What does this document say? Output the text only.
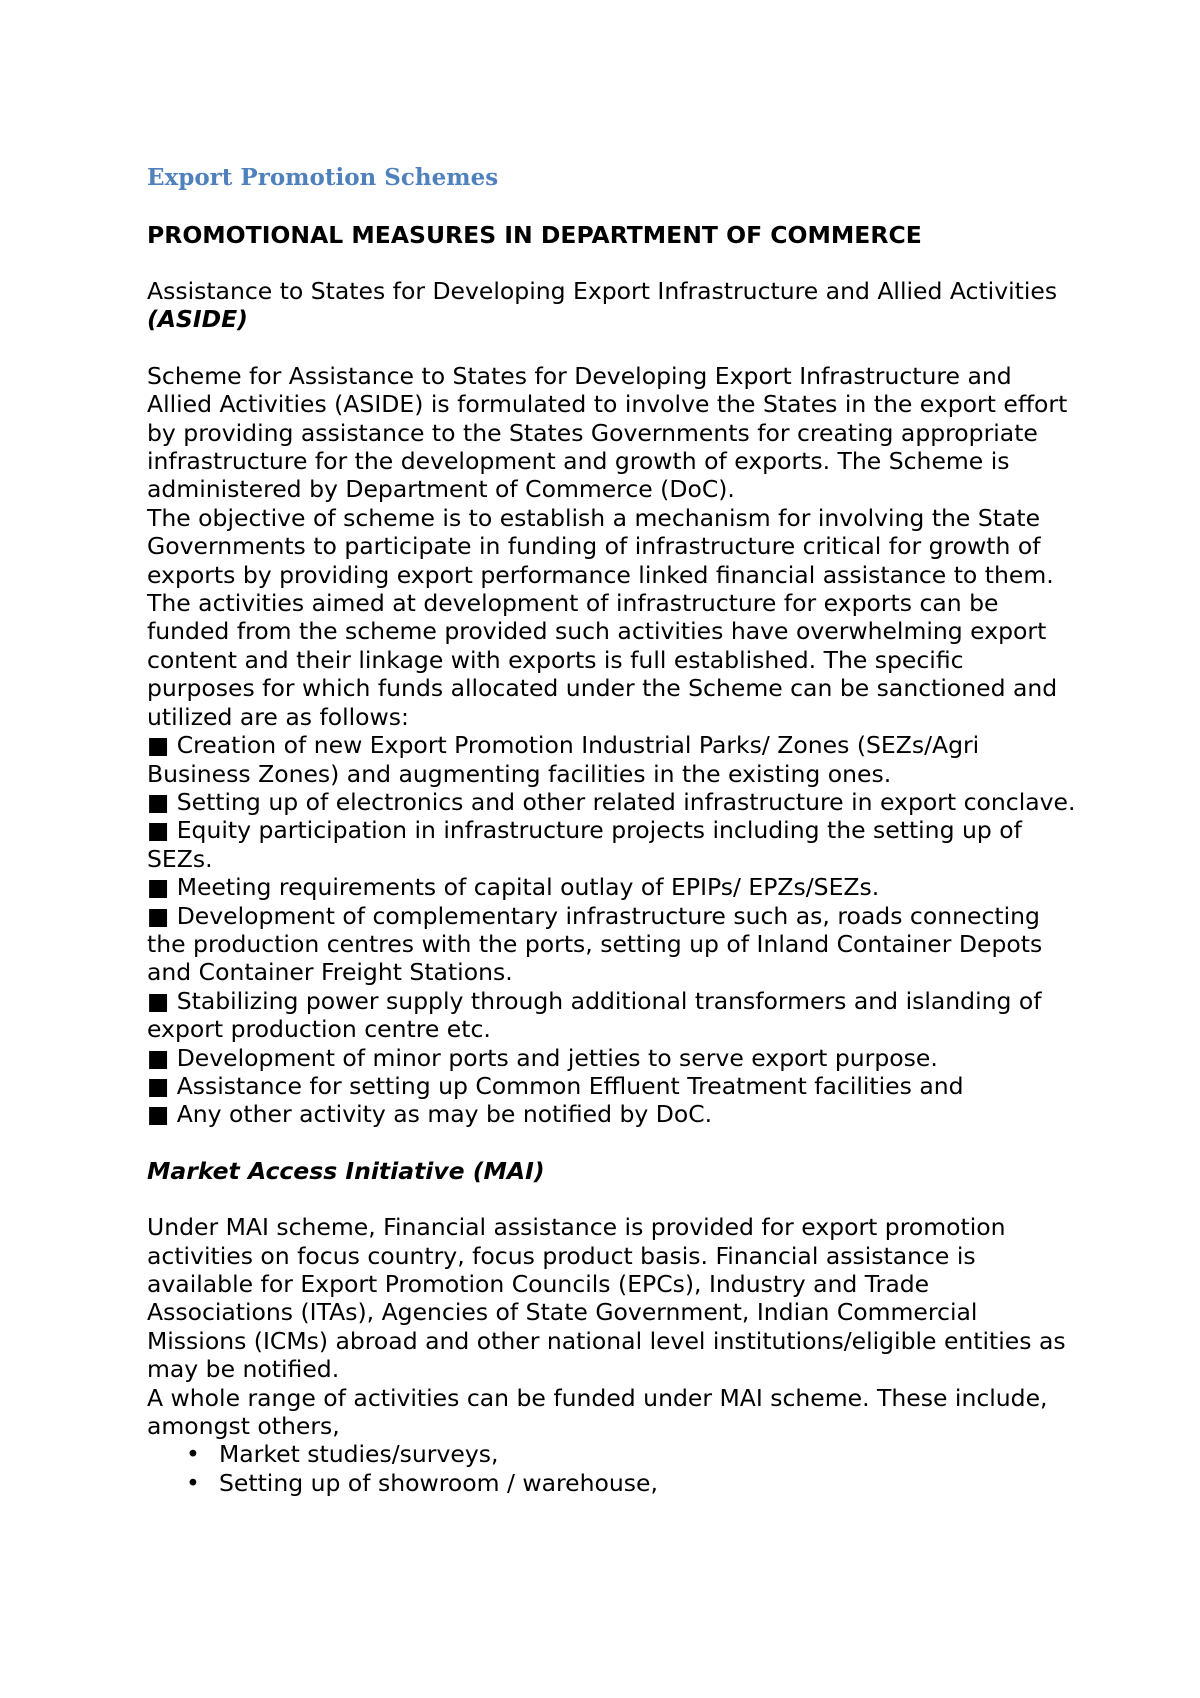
Export Promotion Schemes

PROMOTIONAL MEASURES IN DEPARTMENT OF COMMERCE

Assistance to States for Developing Export Infrastructure and Allied Activities (ASIDE)

Scheme for Assistance to States for Developing Export Infrastructure and Allied Activities (ASIDE) is formulated to involve the States in the export effort by providing assistance to the States Governments for creating appropriate infrastructure for the development and growth of exports. The Scheme is administered by Department of Commerce (DoC).

The objective of scheme is to establish a mechanism for involving the State Governments to participate in funding of infrastructure critical for growth of exports by providing export performance linked financial assistance to them.

The activities aimed at development of infrastructure for exports can be funded from the scheme provided such activities have overwhelming export content and their linkage with exports is full established. The specific purposes for which funds allocated under the Scheme can be sanctioned and utilized are as follows:

■ Creation of new Export Promotion Industrial Parks/ Zones (SEZs/Agri Business Zones) and augmenting facilities in the existing ones.

■ Setting up of electronics and other related infrastructure in export conclave.

■ Equity participation in infrastructure projects including the setting up of SEZs.

■ Meeting requirements of capital outlay of EPIPs/ EPZs/SEZs.

■ Development of complementary infrastructure such as, roads connecting the production centres with the ports, setting up of Inland Container Depots and Container Freight Stations.

■ Stabilizing power supply through additional transformers and islanding of export production centre etc.

■ Development of minor ports and jetties to serve export purpose.

■ Assistance for setting up Common Effluent Treatment facilities and

■ Any other activity as may be notified by DoC.

Market Access Initiative (MAI)

Under MAI scheme, Financial assistance is provided for export promotion activities on focus country, focus product basis. Financial assistance is available for Export Promotion Councils (EPCs), Industry and Trade Associations (ITAs), Agencies of State Government, Indian Commercial Missions (ICMs) abroad and other national level institutions/eligible entities as may be notified.

A whole range of activities can be funded under MAI scheme. These include, amongst others,

• Market studies/surveys,
• Setting up of showroom / warehouse,
